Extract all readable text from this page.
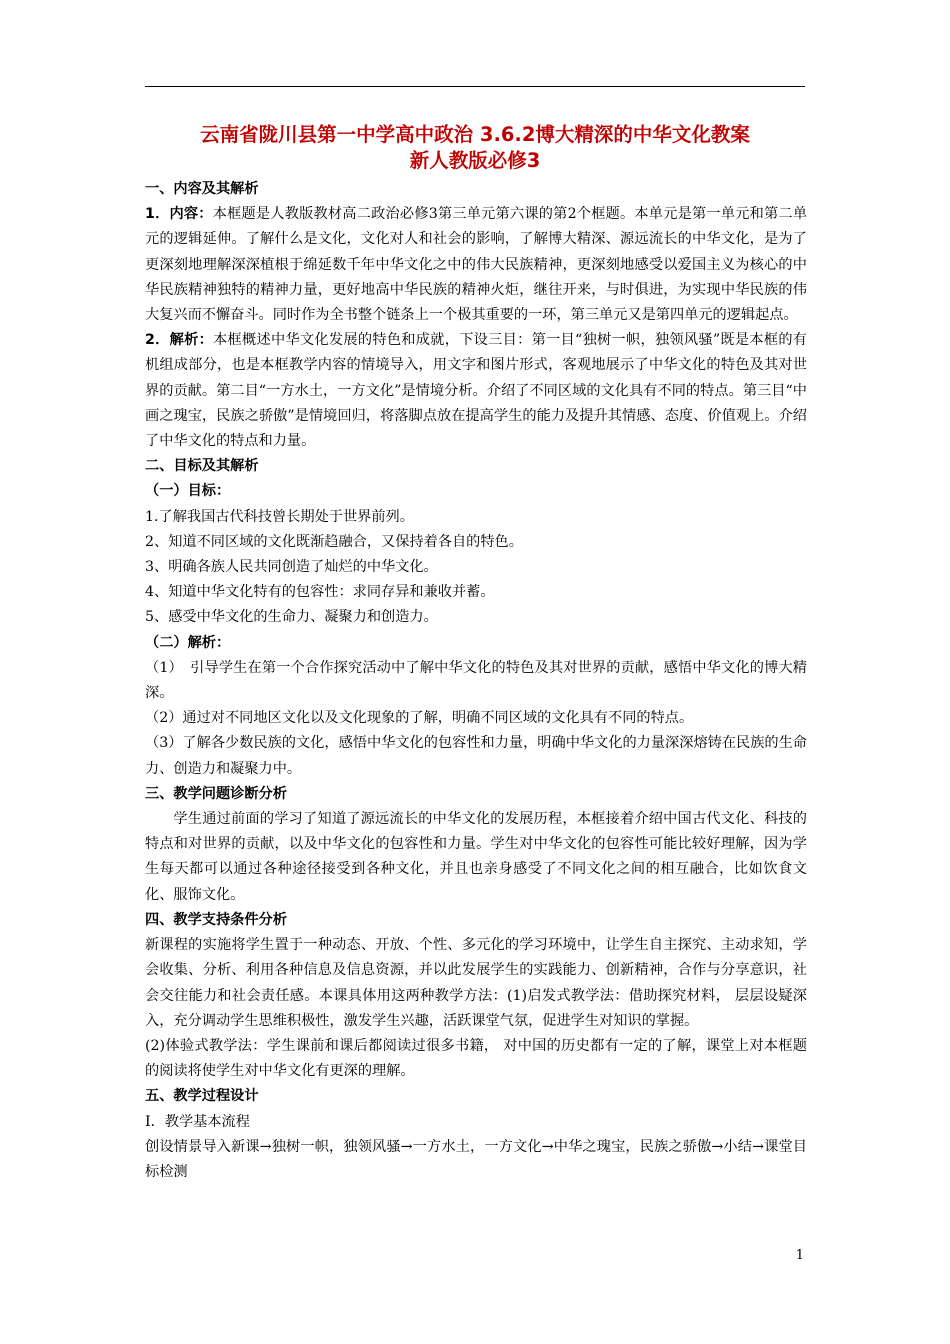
云南省陇川县第一中学高中政治 3.6.2博大精深的中华文化教案
新人教版必修3

一、内容及其解析

1．内容：本框题是人教版教材高二政治必修3第三单元第六课的第2个框题。本单元是第一单元和第二单元的逻辑延伸。了解什么是文化，文化对人和社会的影响，了解博大精深、源远流长的中华文化，是为了更深刻地理解深深植根于绵延数千年中华文化之中的伟大民族精神，更深刻地感受以爱国主义为核心的中华民族精神独特的精神力量，更好地高中华民族的精神火炬，继往开来，与时俱进，为实现中华民族的伟大复兴而不懈奋斗。同时作为全书整个链条上一个极其重要的一环，第三单元又是第四单元的逻辑起点。

2．解析：本框概述中华文化发展的特色和成就，下设三目：第一目“独树一帜，独领风骚”既是本框的有机组成部分，也是本框教学内容的情境导入，用文字和图片形式，客观地展示了中华文化的特色及其对世界的贡献。第二目“一方水土，一方文化”是情境分析。介绍了不同区域的文化具有不同的特点。第三目“中画之瑰宝，民族之骄傲”是情境回归，将落脚点放在提高学生的能力及提升其情感、态度、价值观上。介绍了中华文化的特点和力量。

二、目标及其解析

（一）目标：

1.了解我国古代科技曾长期处于世界前列。

2、知道不同区域的文化既渐趋融合，又保持着各自的特色。

3、明确各族人民共同创造了灿烂的中华文化。

4、知道中华文化特有的包容性：求同存异和兼收并蓄。

5、感受中华文化的生命力、凝聚力和创造力。

（二）解析：

（1）　引导学生在第一个合作探究活动中了解中华文化的特色及其对世界的贡献，感悟中华文化的博大精深。

（2）通过对不同地区文化以及文化现象的了解，明确不同区域的文化具有不同的特点。

（3）了解各少数民族的文化，感悟中华文化的包容性和力量，明确中华文化的力量深深熔铸在民族的生命力、创造力和凝聚力中。

三、教学问题诊断分析

学生通过前面的学习了知道了源远流长的中华文化的发展历程，本框接着介绍中国古代文化、科技的特点和对世界的贡献，以及中华文化的包容性和力量。学生对中华文化的包容性可能比较好理解，因为学生每天都可以通过各种途径接受到各种文化，并且也亲身感受了不同文化之间的相互融合，比如饮食文化、服饰文化。

四、教学支持条件分析

新课程的实施将学生置于一种动态、开放、个性、多元化的学习环境中，让学生自主探究、主动求知，学会收集、分析、利用各种信息及信息资源，并以此发展学生的实践能力、创新精神，合作与分享意识，社会交往能力和社会责任感。本课具体用这两种教学方法：(1)启发式教学法：借助探究材料， 层层设疑深入，充分调动学生思维积极性，激发学生兴趣，活跃课堂气氛，促进学生对知识的掌握。

(2)体验式教学法：学生课前和课后都阅读过很多书籍， 对中国的历史都有一定的了解，课堂上对本框题的阅读将使学生对中华文化有更深的理解。

五、教学过程设计

Ⅰ．教学基本流程

创设情景导入新课→独树一帜，独领风骚→一方水土，一方文化→中华之瑰宝，民族之骄傲→小结→课堂目标检测

1
